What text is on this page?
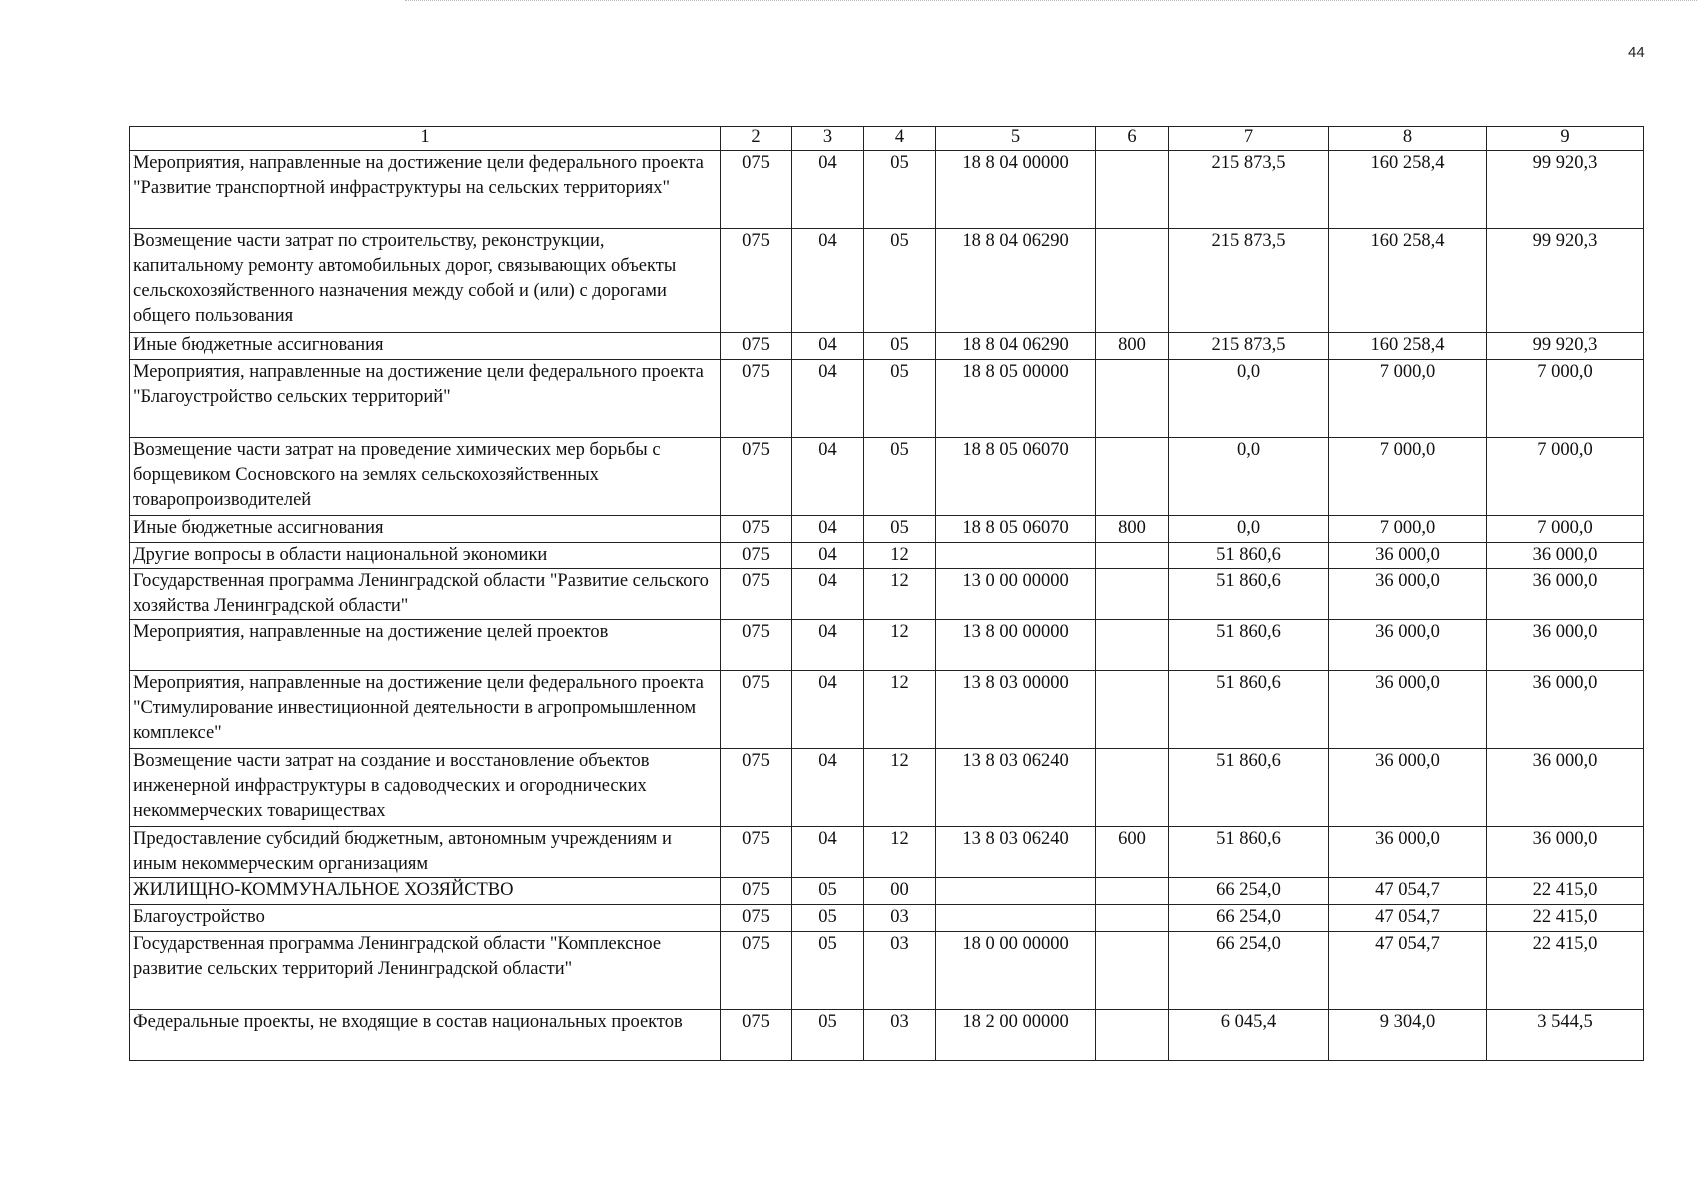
44
1	2	3	4	5	6	7	8	9
Мероприятия, направленные на достижение цели федерального проекта "Развитие транспортной инфраструктуры на сельских территориях"	075	04	05	18 8 04 00000		215 873,5	160 258,4	99 920,3
Возмещение части затрат по строительству, реконструкции, капитальному ремонту автомобильных дорог, связывающих объекты сельскохозяйственного назначения между собой и (или) с дорогами общего пользования	075	04	05	18 8 04 06290		215 873,5	160 258,4	99 920,3
Иные бюджетные ассигнования	075	04	05	18 8 04 06290	800	215 873,5	160 258,4	99 920,3
Мероприятия, направленные на достижение цели федерального проекта "Благоустройство сельских территорий"	075	04	05	18 8 05 00000		0,0	7 000,0	7 000,0
Возмещение части затрат на проведение химических мер борьбы с борщевиком Сосновского на землях сельскохозяйственных товаропроизводителей	075	04	05	18 8 05 06070		0,0	7 000,0	7 000,0
Иные бюджетные ассигнования	075	04	05	18 8 05 06070	800	0,0	7 000,0	7 000,0
Другие вопросы в области национальной экономики	075	04	12			51 860,6	36 000,0	36 000,0
Государственная программа Ленинградской области "Развитие сельского хозяйства Ленинградской области"	075	04	12	13 0 00 00000		51 860,6	36 000,0	36 000,0
Мероприятия, направленные на достижение целей проектов	075	04	12	13 8 00 00000		51 860,6	36 000,0	36 000,0
Мероприятия, направленные на достижение цели федерального проекта "Стимулирование инвестиционной деятельности в агропромышленном комплексе"	075	04	12	13 8 03 00000		51 860,6	36 000,0	36 000,0
Возмещение части затрат на создание и восстановление объектов инженерной инфраструктуры в садоводческих и огороднических некоммерческих товариществах	075	04	12	13 8 03 06240		51 860,6	36 000,0	36 000,0
Предоставление субсидий бюджетным, автономным учреждениям и иным некоммерческим организациям	075	04	12	13 8 03 06240	600	51 860,6	36 000,0	36 000,0
ЖИЛИЩНО-КОММУНАЛЬНОЕ ХОЗЯЙСТВО	075	05	00			66 254,0	47 054,7	22 415,0
Благоустройство	075	05	03			66 254,0	47 054,7	22 415,0
Государственная программа Ленинградской области "Комплексное развитие сельских территорий Ленинградской области"	075	05	03	18 0 00 00000		66 254,0	47 054,7	22 415,0
Федеральные проекты, не входящие в состав национальных проектов	075	05	03	18 2 00 00000		6 045,4	9 304,0	3 544,5
